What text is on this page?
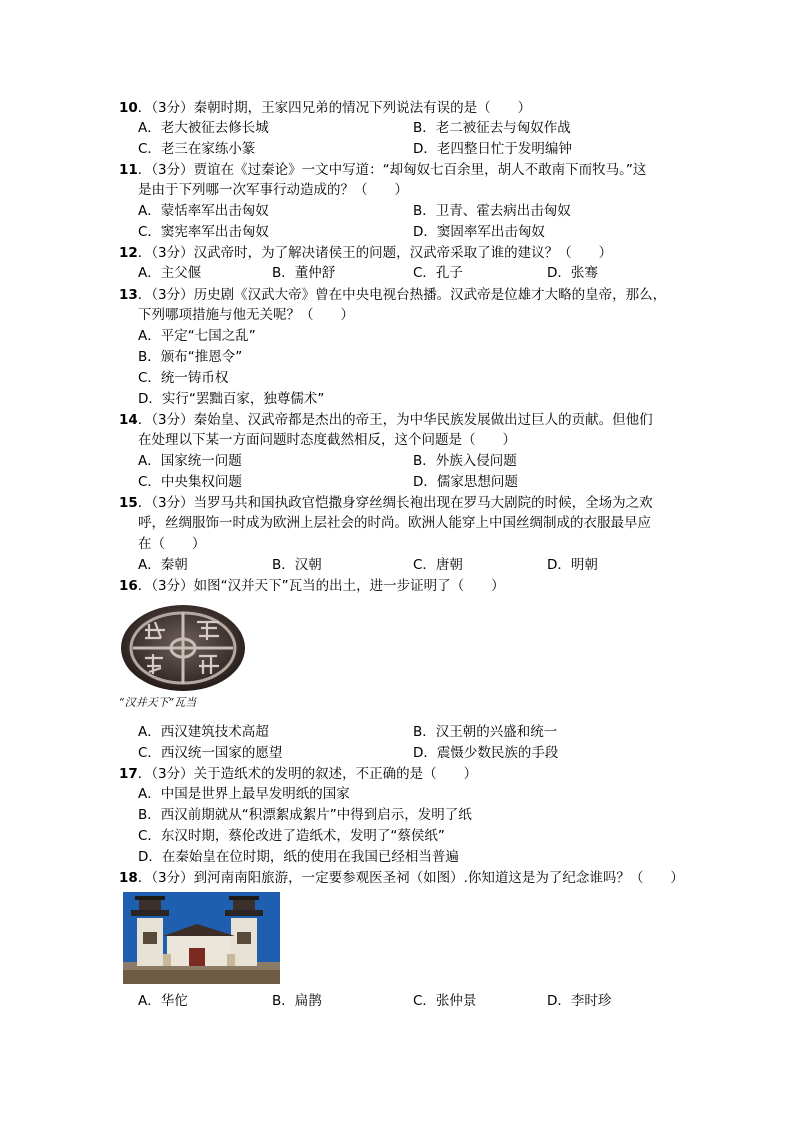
10．（3分）秦朝时期，王家四兄弟的情况下列说法有误的是（　　）
A．老大被征去修长城	B．老二被征去与匈奴作战
C．老三在家练小篆	D．老四整日忙于发明编钟
11．（3分）贾谊在《过秦论》一文中写道：“却匈奴七百余里，胡人不敢南下而牧马。”这
是由于下列哪一次军事行动造成的？（　　）
A．蒙恬率军出击匈奴	B．卫青、霍去病出击匈奴
C．窦宪率军出击匈奴	D．窦固率军出击匈奴
12．（3分）汉武帝时，为了解决诸侯王的问题，汉武帝采取了谁的建议？（　　）
A．主父偃	B．董仲舒	C．孔子	D．张骞
13．（3分）历史剧《汉武大帝》曾在中央电视台热播。汉武帝是位雄才大略的皇帝，那么，
下列哪项措施与他无关呢？（　　）
A．平定“七国之乱”
B．颁布“推恩令”
C．统一铸币权
D．实行“罢黜百家，独尊儒术”
14．（3分）秦始皇、汉武帝都是杰出的帝王，为中华民族发展做出过巨人的贡献。但他们
在处理以下某一方面问题时态度截然相反，这个问题是（　　）
A．国家统一问题	B．外族入侵问题
C．中央集权问题	D．儒家思想问题
15．（3分）当罗马共和国执政官恺撒身穿丝绸长袍出现在罗马大剧院的时候，全场为之欢
呼，丝绸服饰一时成为欧洲上层社会的时尚。欧洲人能穿上中国丝绸制成的衣服最早应
在（　　）
A．秦朝	B．汉朝	C．唐朝	D．明朝
16．（3分）如图“汉并天下”瓦当的出土，进一步证明了（　　）
“汉并天下”瓦当
A．西汉建筑技术高超	B．汉王朝的兴盛和统一
C．西汉统一国家的愿望	D．震慑少数民族的手段
17．（3分）关于造纸术的发明的叙述，不正确的是（　　）
A．中国是世界上最早发明纸的国家
B．西汉前期就从“积漂絮成絮片”中得到启示，发明了纸
C．东汉时期，蔡伦改进了造纸术，发明了“蔡侯纸”
D．在秦始皇在位时期，纸的使用在我国已经相当普遍
18．（3分）到河南南阳旅游，一定要参观医圣祠（如图）.你知道这是为了纪念谁吗？（　　）
A．华佗	B．扁鹊	C．张仲景	D．李时珍
